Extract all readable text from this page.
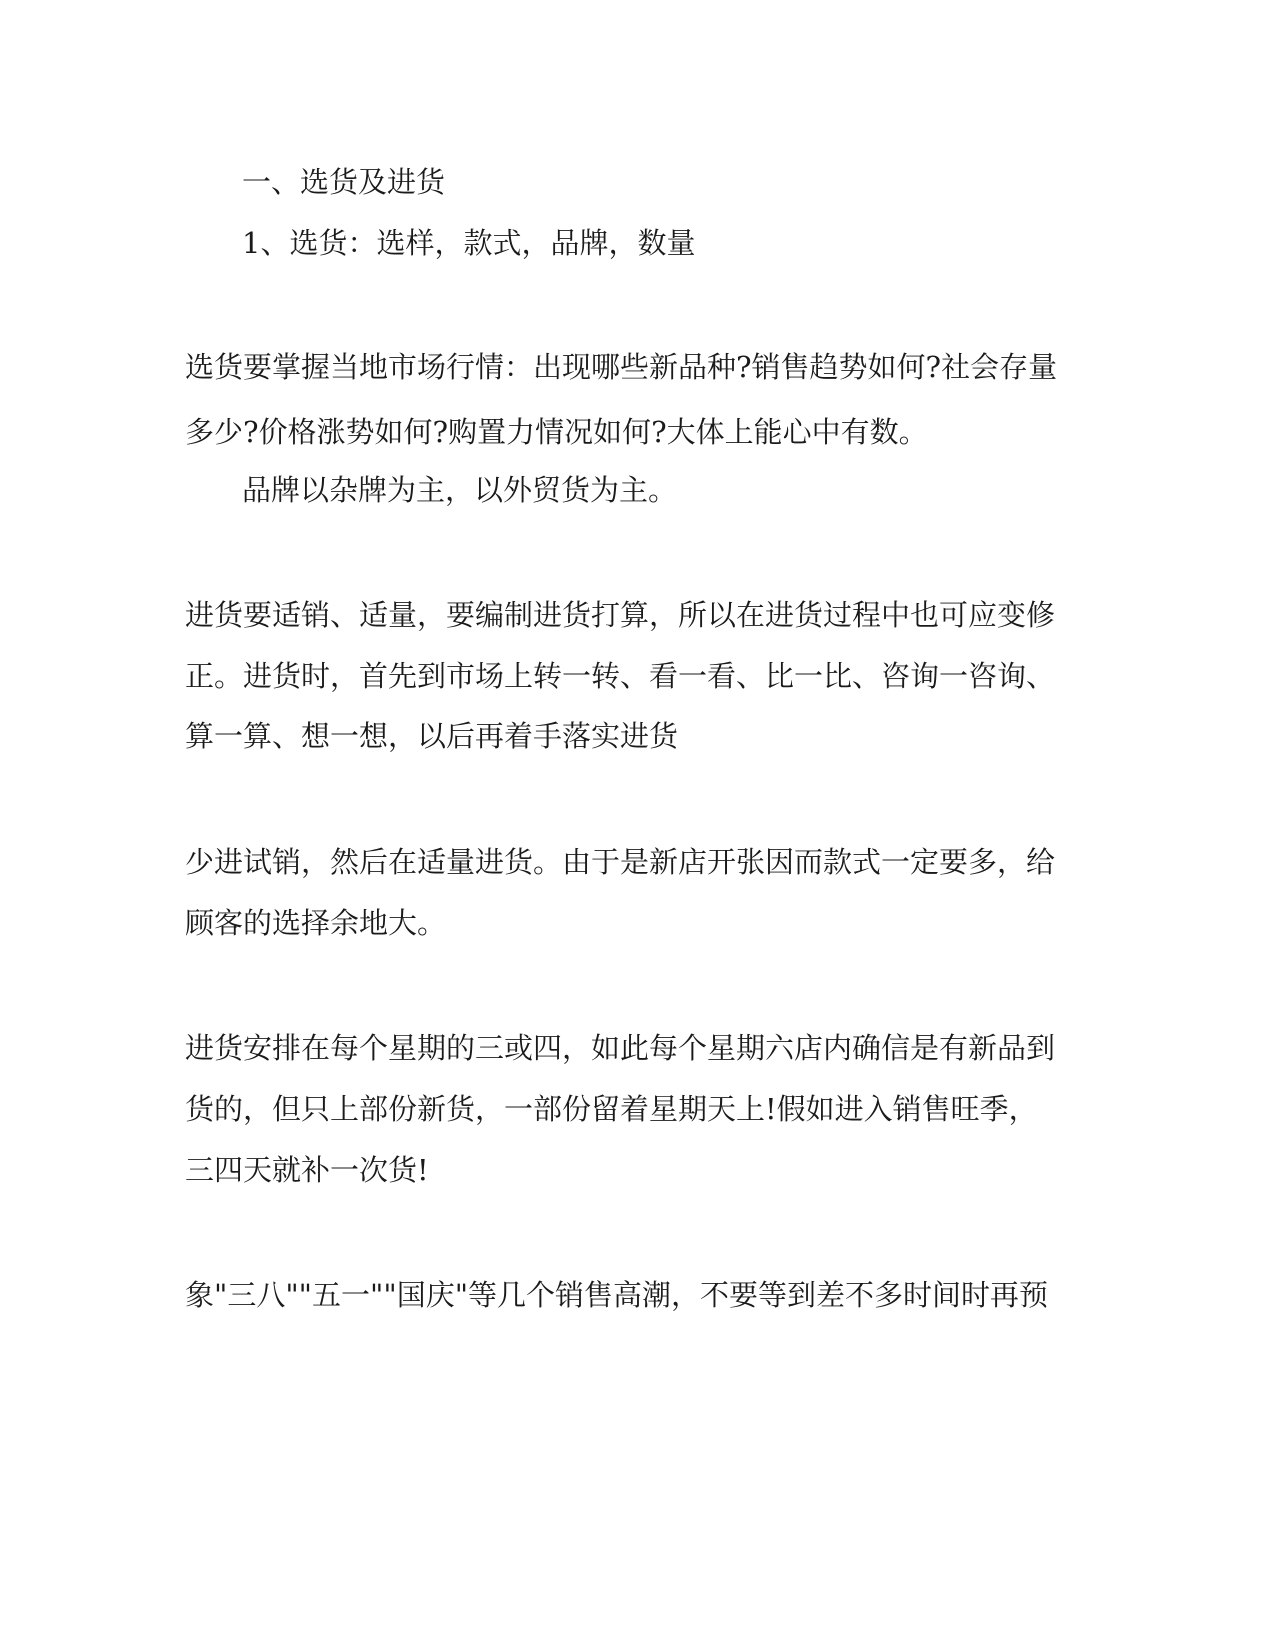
一、选货及进货
1、选货：选样，款式，品牌，数量
选货要掌握当地市场行情：出现哪些新品种?销售趋势如何?社会存量
多少?价格涨势如何?购置力情况如何?大体上能心中有数。
品牌以杂牌为主，以外贸货为主。
进货要适销、适量，要编制进货打算，所以在进货过程中也可应变修
正。进货时，首先到市场上转一转、看一看、比一比、咨询一咨询、
算一算、想一想，以后再着手落实进货
少进试销，然后在适量进货。由于是新店开张因而款式一定要多，给
顾客的选择余地大。
进货安排在每个星期的三或四，如此每个星期六店内确信是有新品到
货的，但只上部份新货，一部份留着星期天上!假如进入销售旺季，
三四天就补一次货!
象"三八""五一""国庆"等几个销售高潮，不要等到差不多时间时再预
